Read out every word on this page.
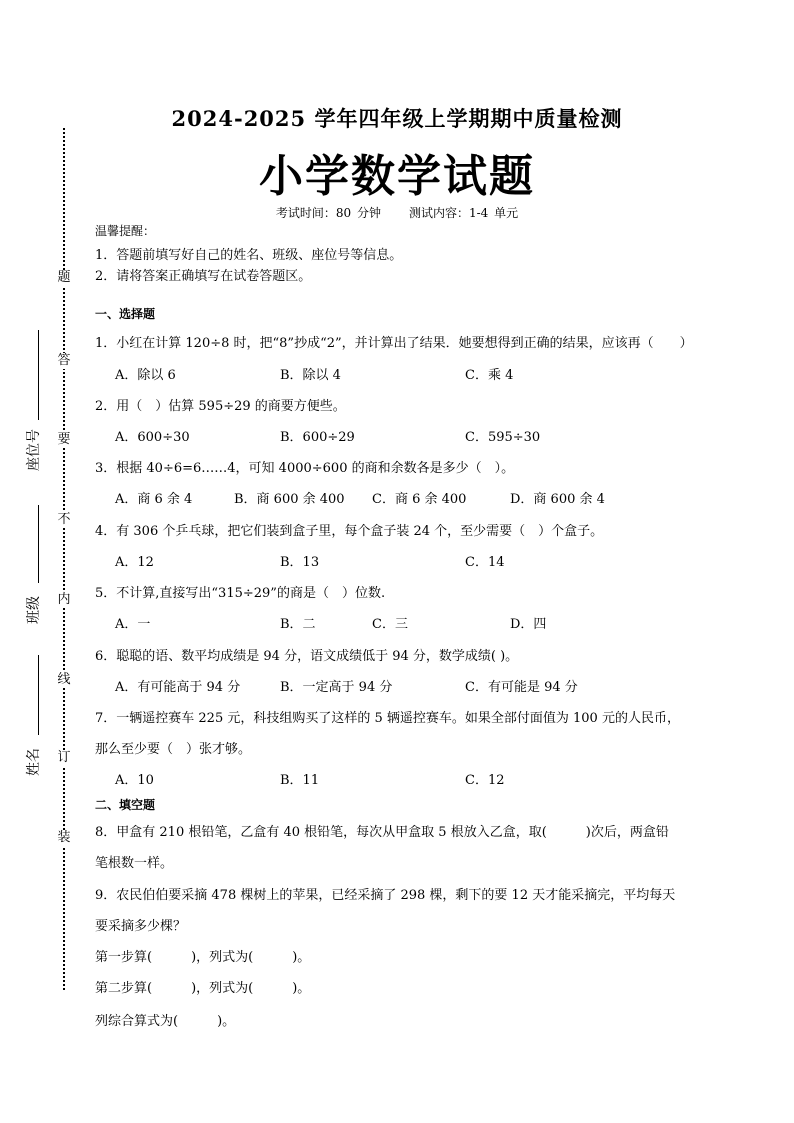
题
答
要
不
内
线
订
装
座位号
班级
姓名
2024-2025 学年四年级上学期期中质量检测
小学数学试题
考试时间：80 分钟 测试内容：1-4 单元
温馨提醒：
1．答题前填写好自己的姓名、班级、座位号等信息。
2．请将答案正确填写在试卷答题区。
一、选择题
1．小红在计算 120÷8 时，把“8”抄成“2”，并计算出了结果．她要想得到正确的结果，应该再（　　）
A．除以 6	B．除以 4	C．乘 4
2．用（　）估算 595÷29 的商要方便些。
A．600÷30	B．600÷29	C．595÷30
3．根据 40÷6=6……4，可知 4000÷600 的商和余数各是多少（　）。
A．商 6 余 4	B．商 600 余 400 C．商 6 余 400	D．商 600 余 4
4．有 306 个乒乓球，把它们装到盒子里，每个盒子装 24 个，至少需要（　）个盒子。
A．12	B．13	C．14
5．不计算,直接写出“315÷29”的商是（　）位数.
A．一	B．二	C．三	D．四
6．聪聪的语、数平均成绩是 94 分，语文成绩低于 94 分，数学成绩( )。
A．有可能高于 94 分	B．一定高于 94 分	C．有可能是 94 分
7．一辆遥控赛车 225 元，科技组购买了这样的 5 辆遥控赛车。如果全部付面值为 100 元的人民币，
那么至少要（　）张才够。
A．10	B．11	C．12
二、填空题
8．甲盒有 210 根铅笔，乙盒有 40 根铅笔，每次从甲盒取 5 根放入乙盒，取(　　　)次后，两盒铅
笔根数一样。
9．农民伯伯要采摘 478 棵树上的苹果，已经采摘了 298 棵，剩下的要 12 天才能采摘完，平均每天
要采摘多少棵？
第一步算(　　　)，列式为(　　　)。
第二步算(　　　)，列式为(　　　)。
列综合算式为(　　　)。
